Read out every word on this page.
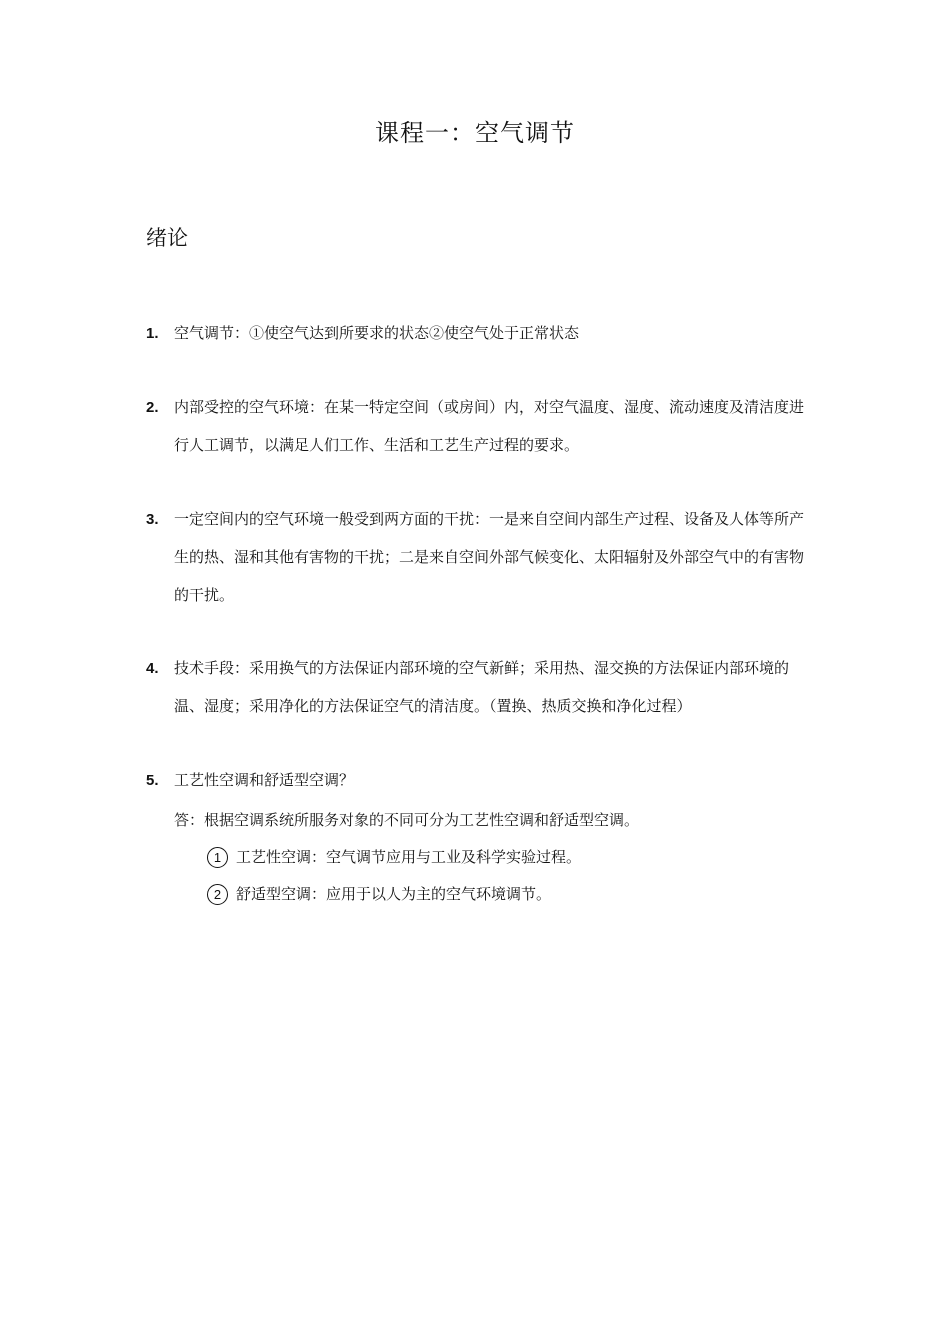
课程一：空气调节
绪论
1. 空气调节：①使空气达到所要求的状态②使空气处于正常状态
2. 内部受控的空气环境：在某一特定空间（或房间）内，对空气温度、湿度、流动速度及清洁度进行人工调节，以满足人们工作、生活和工艺生产过程的要求。
3. 一定空间内的空气环境一般受到两方面的干扰：一是来自空间内部生产过程、设备及人体等所产生的热、湿和其他有害物的干扰；二是来自空间外部气候变化、太阳辐射及外部空气中的有害物的干扰。
4. 技术手段：采用换气的方法保证内部环境的空气新鲜；采用热、湿交换的方法保证内部环境的温、湿度；采用净化的方法保证空气的清洁度。（置换、热质交换和净化过程）
5. 工艺性空调和舒适型空调？
答：根据空调系统所服务对象的不同可分为工艺性空调和舒适型空调。
1 工艺性空调：空气调节应用与工业及科学实验过程。
2 舒适型空调：应用于以人为主的空气环境调节。
